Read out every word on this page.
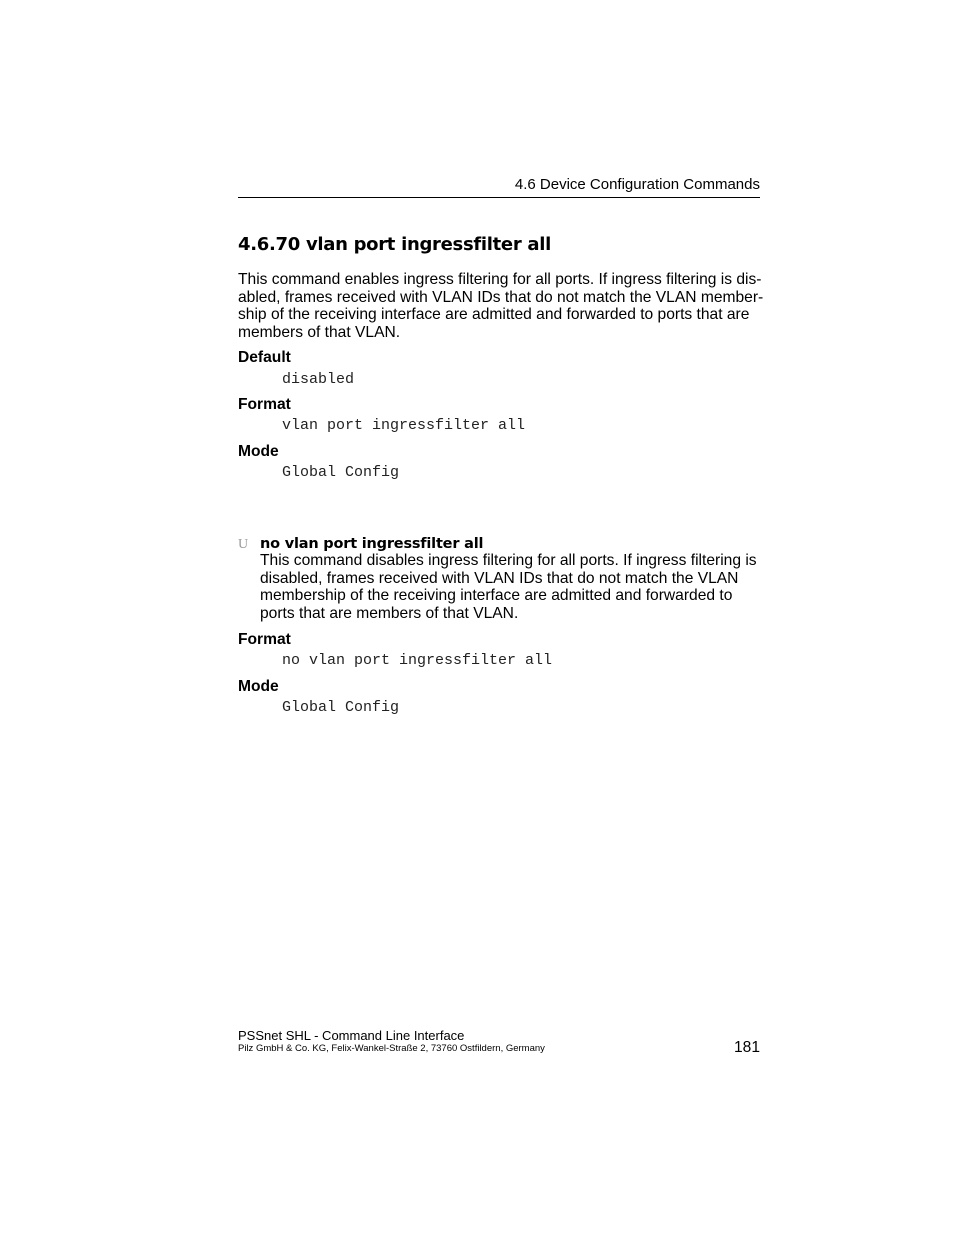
4.6 Device Configuration Commands
4.6.70 vlan port ingressfilter all
This command enables ingress filtering for all ports. If ingress filtering is dis-
abled, frames received with VLAN IDs that do not match the VLAN member-
ship of the receiving interface are admitted and forwarded to ports that are
members of that VLAN.
Default
disabled
Format
vlan port ingressfilter all
Mode
Global Config
U no vlan port ingressfilter all
This command disables ingress filtering for all ports. If ingress filtering is
disabled, frames received with VLAN IDs that do not match the VLAN
membership of the receiving interface are admitted and forwarded to
ports that are members of that VLAN.
Format
no vlan port ingressfilter all
Mode
Global Config
PSSnet SHL - Command Line Interface
Pilz GmbH & Co. KG, Felix-Wankel-Straße 2, 73760 Ostfildern, Germany	181
